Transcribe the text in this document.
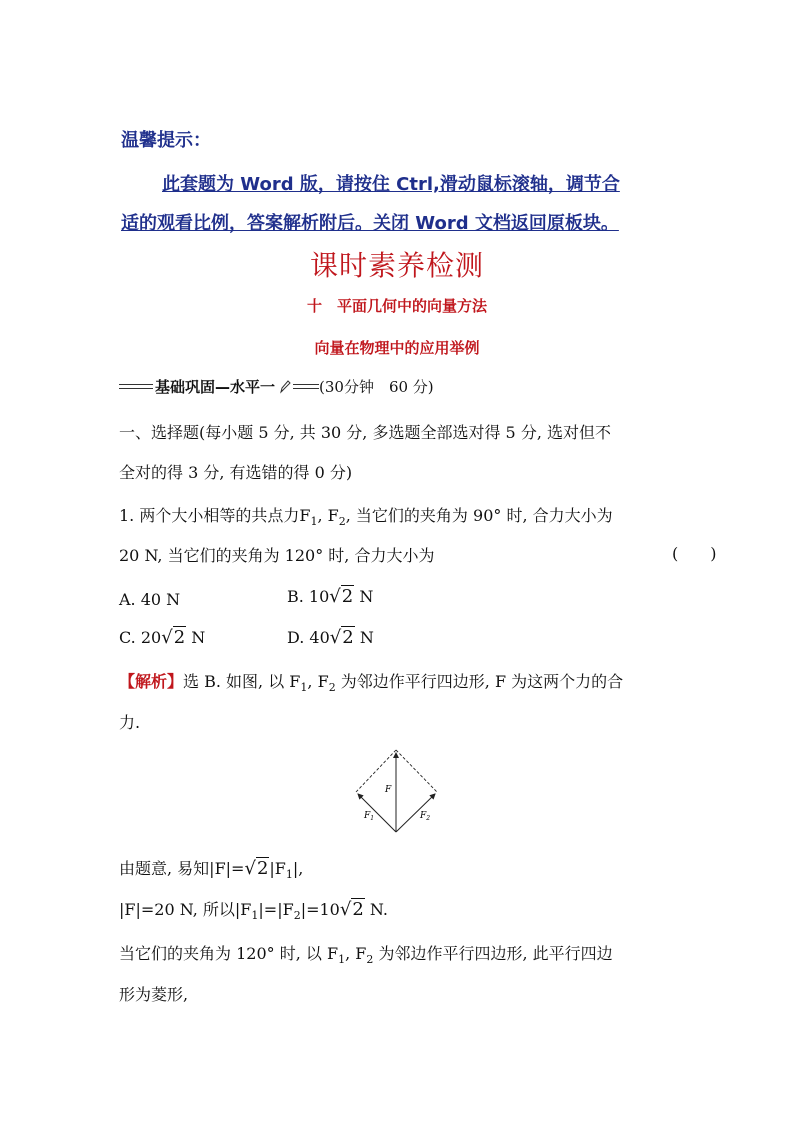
温馨提示：
此套题为 Word 版，请按住 Ctrl,滑动鼠标滚轴，调节合
适的观看比例，答案解析附后。关闭 Word 文档返回原板块。
课时素养检测
十　平面几何中的向量方法
向量在物理中的应用举例
基础巩固—水平一	(30分钟　60 分)
一、选择题(每小题 5 分, 共 30 分, 多选题全部选对得 5 分, 选对但不
全对的得 3 分, 有选错的得 0 分)
1. 两个大小相等的共点力$F_1$, $F_2$, 当它们的夹角为 90° 时, 合力大小为
20 N, 当它们的夹角为 120° 时, 合力大小为	(　　)
A. 40 N	B. 10√2 N
C. 20√2 N	D. 40√2 N
【解析】选 B. 如图, 以 $F_1$, $F_2$ 为邻边作平行四边形, F 为这两个力的合
力.
F
$F_1$	$F_2$
由题意, 易知$|F|=√2|F_1|$,
|F|=20 N, 所以$|F_1|=|F_2|=10√2$ N.
当它们的夹角为 120° 时, 以 $F_1$, $F_2$ 为邻边作平行四边形, 此平行四边
形为菱形,
